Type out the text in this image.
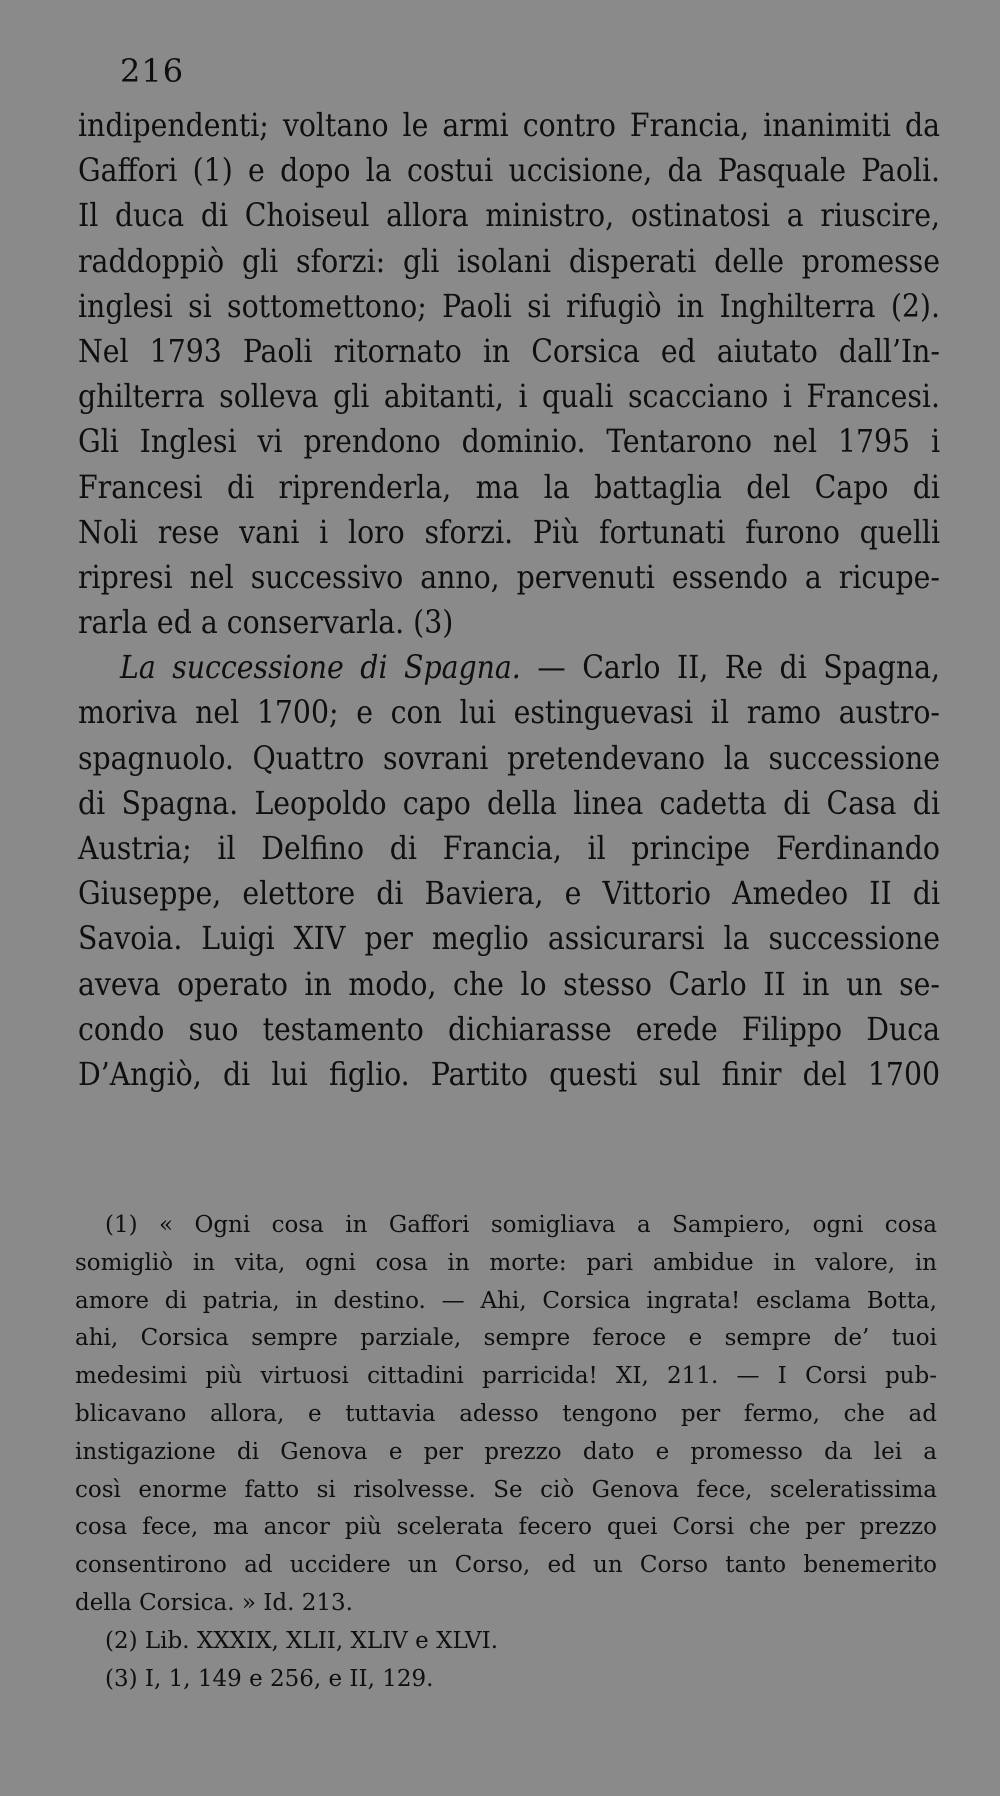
216
indipendenti; voltano le armi contro Francia, inanimiti da
Gaffori (1) e dopo la costui uccisione, da Pasquale Paoli.
Il duca di Choiseul allora ministro, ostinatosi a riuscire,
raddoppiò gli sforzi: gli isolani disperati delle promesse
inglesi si sottomettono; Paoli si rifugiò in Inghilterra (2).
Nel 1793 Paoli ritornato in Corsica ed aiutato dall’In-
ghilterra solleva gli abitanti, i quali scacciano i Francesi.
Gli Inglesi vi prendono dominio. Tentarono nel 1795 i
Francesi di riprenderla, ma la battaglia del Capo di
Noli rese vani i loro sforzi. Più fortunati furono quelli
ripresi nel successivo anno, pervenuti essendo a ricupe-
rarla ed a conservarla. (3)
La successione di Spagna. — Carlo II, Re di Spagna,
moriva nel 1700; e con lui estinguevasi il ramo austro-
spagnuolo. Quattro sovrani pretendevano la successione
di Spagna. Leopoldo capo della linea cadetta di Casa di
Austria; il Delfino di Francia, il principe Ferdinando
Giuseppe, elettore di Baviera, e Vittorio Amedeo II di
Savoia. Luigi XIV per meglio assicurarsi la successione
aveva operato in modo, che lo stesso Carlo II in un se-
condo suo testamento dichiarasse erede Filippo Duca
D’Angiò, di lui figlio. Partito questi sul finir del 1700
(1) « Ogni cosa in Gaffori somigliava a Sampiero, ogni cosa
somigliò in vita, ogni cosa in morte: pari ambidue in valore, in
amore di patria, in destino. — Ahi, Corsica ingrata! esclama Botta,
ahi, Corsica sempre parziale, sempre feroce e sempre de’ tuoi
medesimi più virtuosi cittadini parricida! XI, 211. — I Corsi pub-
blicavano allora, e tuttavia adesso tengono per fermo, che ad
instigazione di Genova e per prezzo dato e promesso da lei a
così enorme fatto si risolvesse. Se ciò Genova fece, sceleratissima
cosa fece, ma ancor più scelerata fecero quei Corsi che per prezzo
consentirono ad uccidere un Corso, ed un Corso tanto benemerito
della Corsica. » Id. 213.
(2) Lib. XXXIX, XLII, XLIV e XLVI.
(3) I, 1, 149 e 256, e II, 129.
